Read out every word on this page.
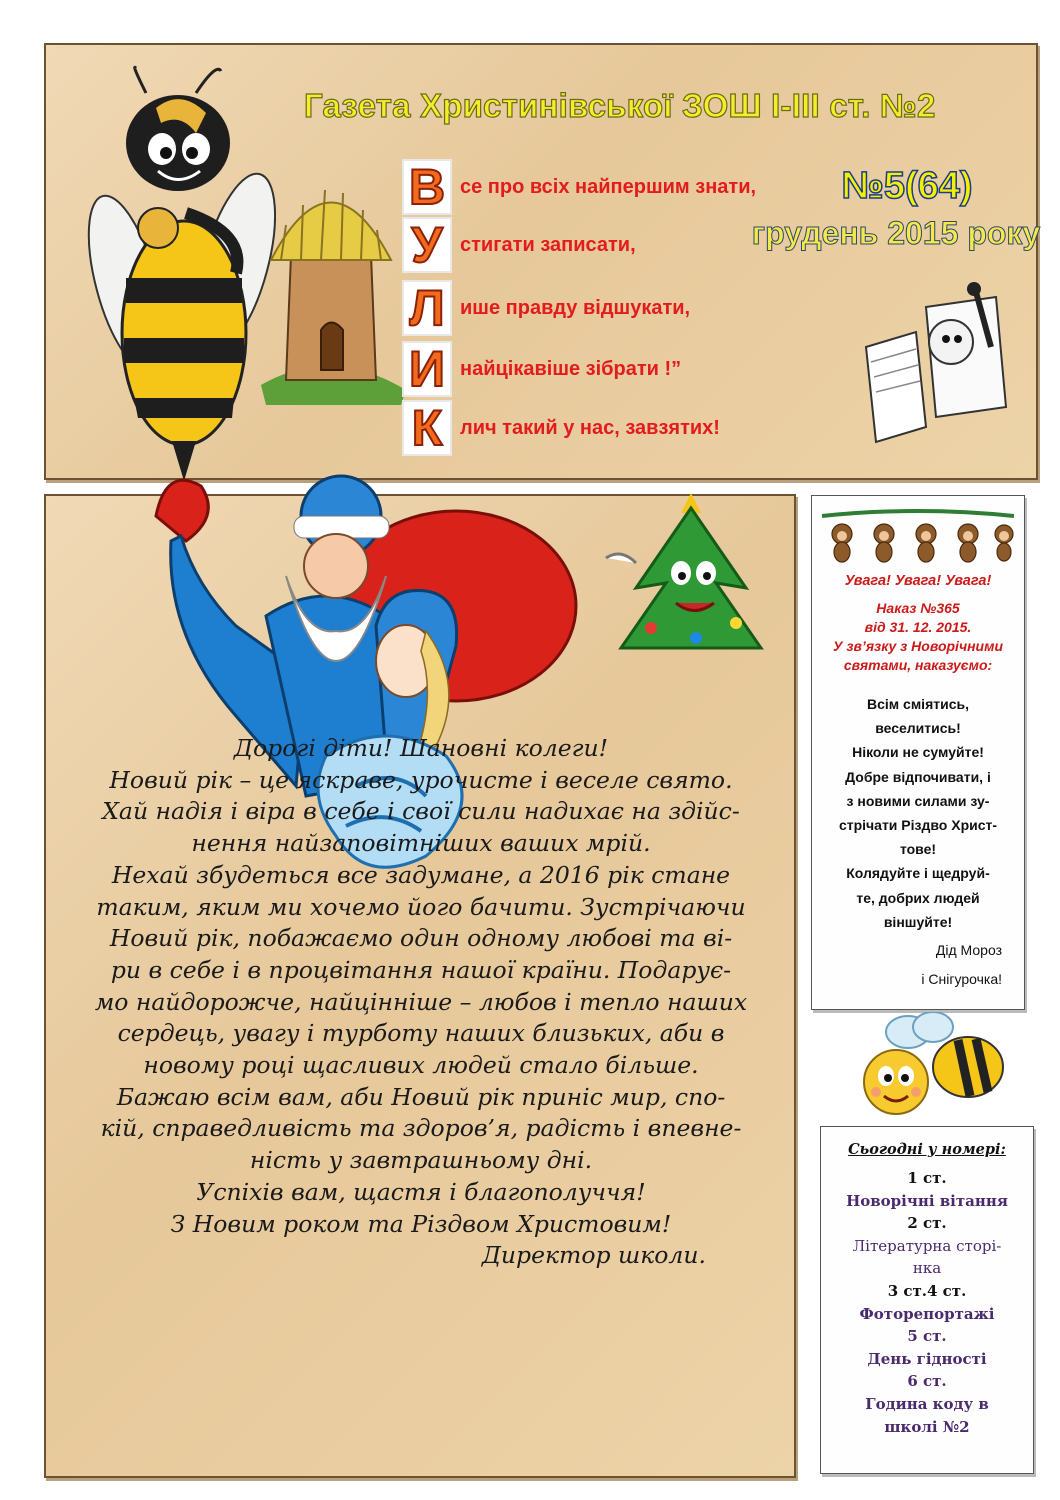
Газета Христинівської ЗОШ І-ІІІ ст. №2
№5(64)
грудень 2015 року
В се про всіх найпершим знати,
У стигати записати,
Л ише правду відшукати,
И найцікавіше зібрати !”
К лич такий у нас, завзятих!
Дорогі діти! Шановні колеги!
Новий рік – це яскраве, урочисте і веселе свято.
Хай надія і віра в себе і свої сили надихає на здійс-
нення найзаповітніших ваших мрій.
Нехай збудеться все задумане, а 2016 рік стане
таким, яким ми хочемо його бачити. Зустрічаючи
Новий рік, побажаємо один одному любові та ві-
ри в себе і в процвітання нашої країни. Подарує-
мо найдорожче, найцінніше – любов і тепло наших
сердець, увагу і турботу наших близьких, аби в
новому році щасливих людей стало більше.
Бажаю всім вам, аби Новий рік приніс мир, спо-
кій, справедливість та здоров’я, радість і впевне-
ність у завтрашньому дні.
Успіхів вам, щастя і благополуччя!
З Новим роком та Різдвом Христовим!
Директор школи.
Увага! Увага! Увага!
Наказ №365
від 31. 12. 2015.
У зв’язку з Новорічними
святами, наказуємо:
Всім сміятись,
веселитись!
Ніколи не сумуйте!
Добре відпочивати, і
з новими силами зу-
стрічати Різдво Христ-
тове!
Колядуйте і щедруй-
те, добрих людей
віншуйте!
Дід Мороз
і Снігурочка!
Сьогодні у номері:
1 ст.
Новорічні вітання
2 ст.
Літературна сторі-
нка
3 ст.4 ст.
Фоторепортажі
5 ст.
День гідності
6 ст.
Година коду в
школі №2
